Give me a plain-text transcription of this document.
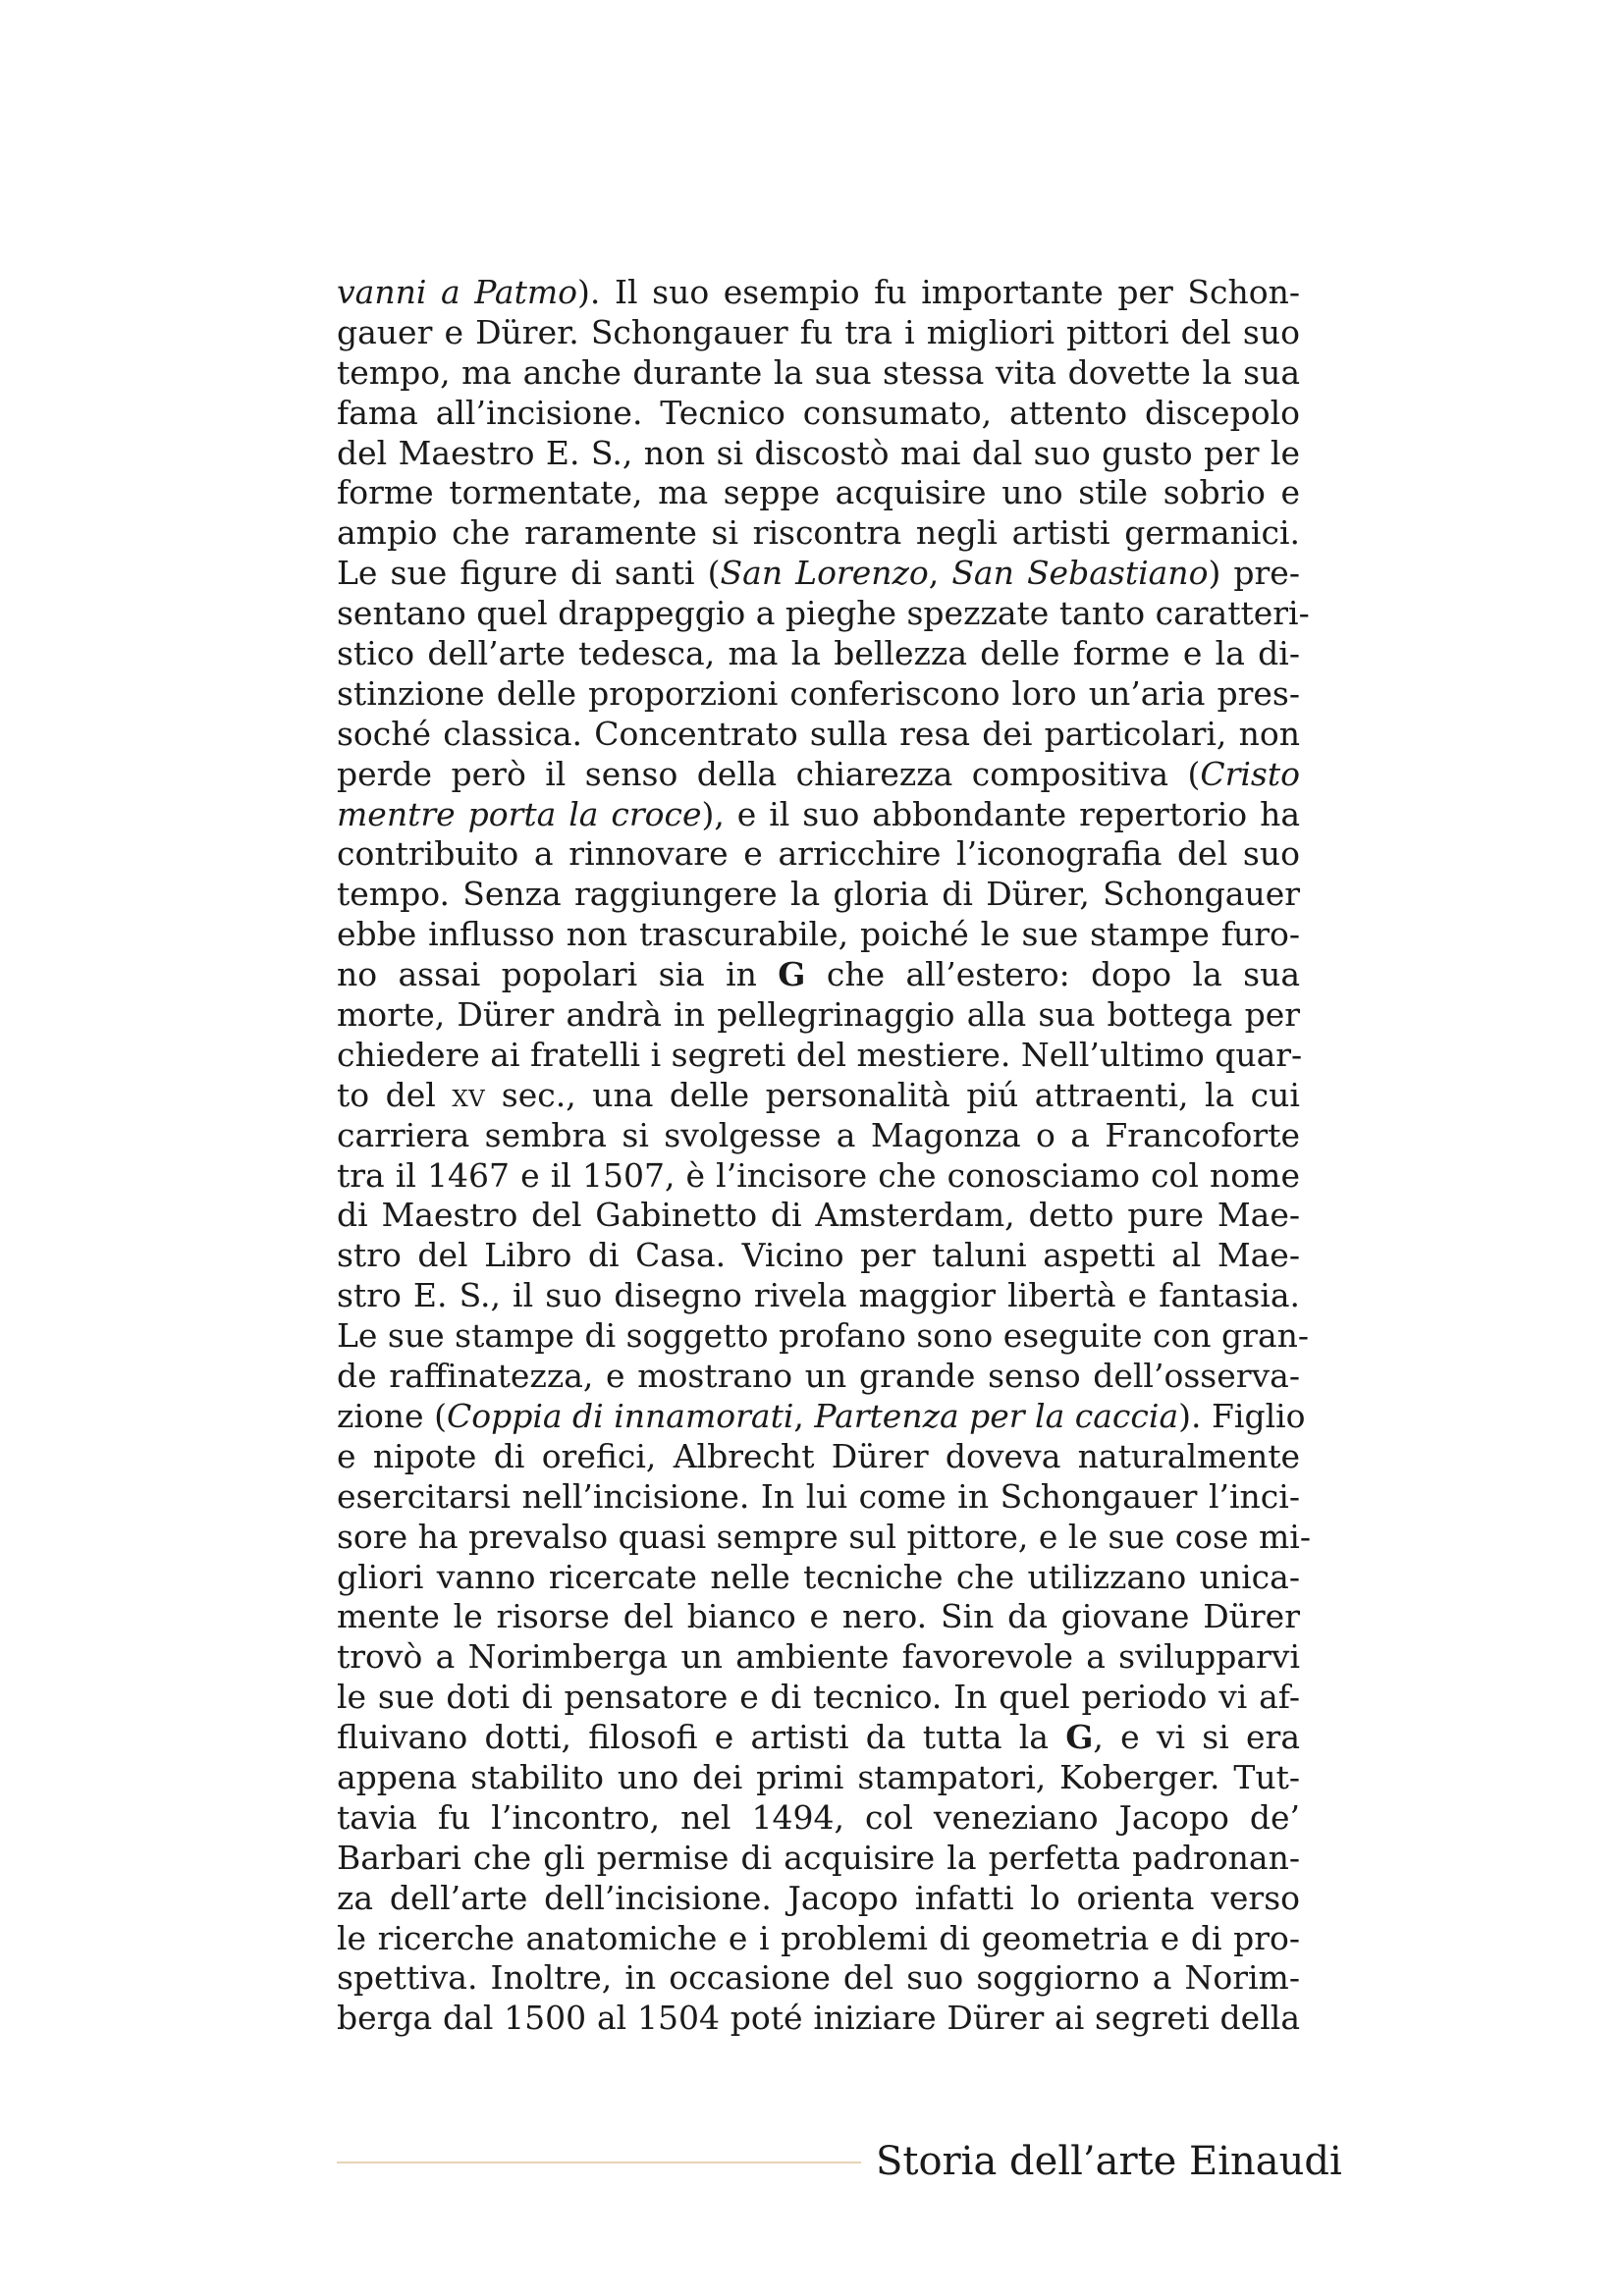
vanni a Patmo). Il suo esempio fu importante per Schon-
gauer e Dürer. Schongauer fu tra i migliori pittori del suo
tempo, ma anche durante la sua stessa vita dovette la sua
fama all’incisione. Tecnico consumato, attento discepolo
del Maestro E. S., non si discostò mai dal suo gusto per le
forme tormentate, ma seppe acquisire uno stile sobrio e
ampio che raramente si riscontra negli artisti germanici.
Le sue figure di santi (San Lorenzo, San Sebastiano) pre-
sentano quel drappeggio a pieghe spezzate tanto caratteri-
stico dell’arte tedesca, ma la bellezza delle forme e la di-
stinzione delle proporzioni conferiscono loro un’aria pres-
soché classica. Concentrato sulla resa dei particolari, non
perde però il senso della chiarezza compositiva (Cristo
mentre porta la croce), e il suo abbondante repertorio ha
contribuito a rinnovare e arricchire l’iconografia del suo
tempo. Senza raggiungere la gloria di Dürer, Schongauer
ebbe influsso non trascurabile, poiché le sue stampe furo-
no assai popolari sia in G che all’estero: dopo la sua
morte, Dürer andrà in pellegrinaggio alla sua bottega per
chiedere ai fratelli i segreti del mestiere. Nell’ultimo quar-
to del xv sec., una delle personalità piú attraenti, la cui
carriera sembra si svolgesse a Magonza o a Francoforte
tra il 1467 e il 1507, è l’incisore che conosciamo col nome
di Maestro del Gabinetto di Amsterdam, detto pure Mae-
stro del Libro di Casa. Vicino per taluni aspetti al Mae-
stro E. S., il suo disegno rivela maggior libertà e fantasia.
Le sue stampe di soggetto profano sono eseguite con gran-
de raffinatezza, e mostrano un grande senso dell’osserva-
zione (Coppia di innamorati, Partenza per la caccia). Figlio
e nipote di orefici, Albrecht Dürer doveva naturalmente
esercitarsi nell’incisione. In lui come in Schongauer l’inci-
sore ha prevalso quasi sempre sul pittore, e le sue cose mi-
gliori vanno ricercate nelle tecniche che utilizzano unica-
mente le risorse del bianco e nero. Sin da giovane Dürer
trovò a Norimberga un ambiente favorevole a svilupparvi
le sue doti di pensatore e di tecnico. In quel periodo vi af-
fluivano dotti, filosofi e artisti da tutta la G, e vi si era
appena stabilito uno dei primi stampatori, Koberger. Tut-
tavia fu l’incontro, nel 1494, col veneziano Jacopo de’
Barbari che gli permise di acquisire la perfetta padronan-
za dell’arte dell’incisione. Jacopo infatti lo orienta verso
le ricerche anatomiche e i problemi di geometria e di pro-
spettiva. Inoltre, in occasione del suo soggiorno a Norim-
berga dal 1500 al 1504 poté iniziare Dürer ai segreti della
Storia dell’arte Einaudi
